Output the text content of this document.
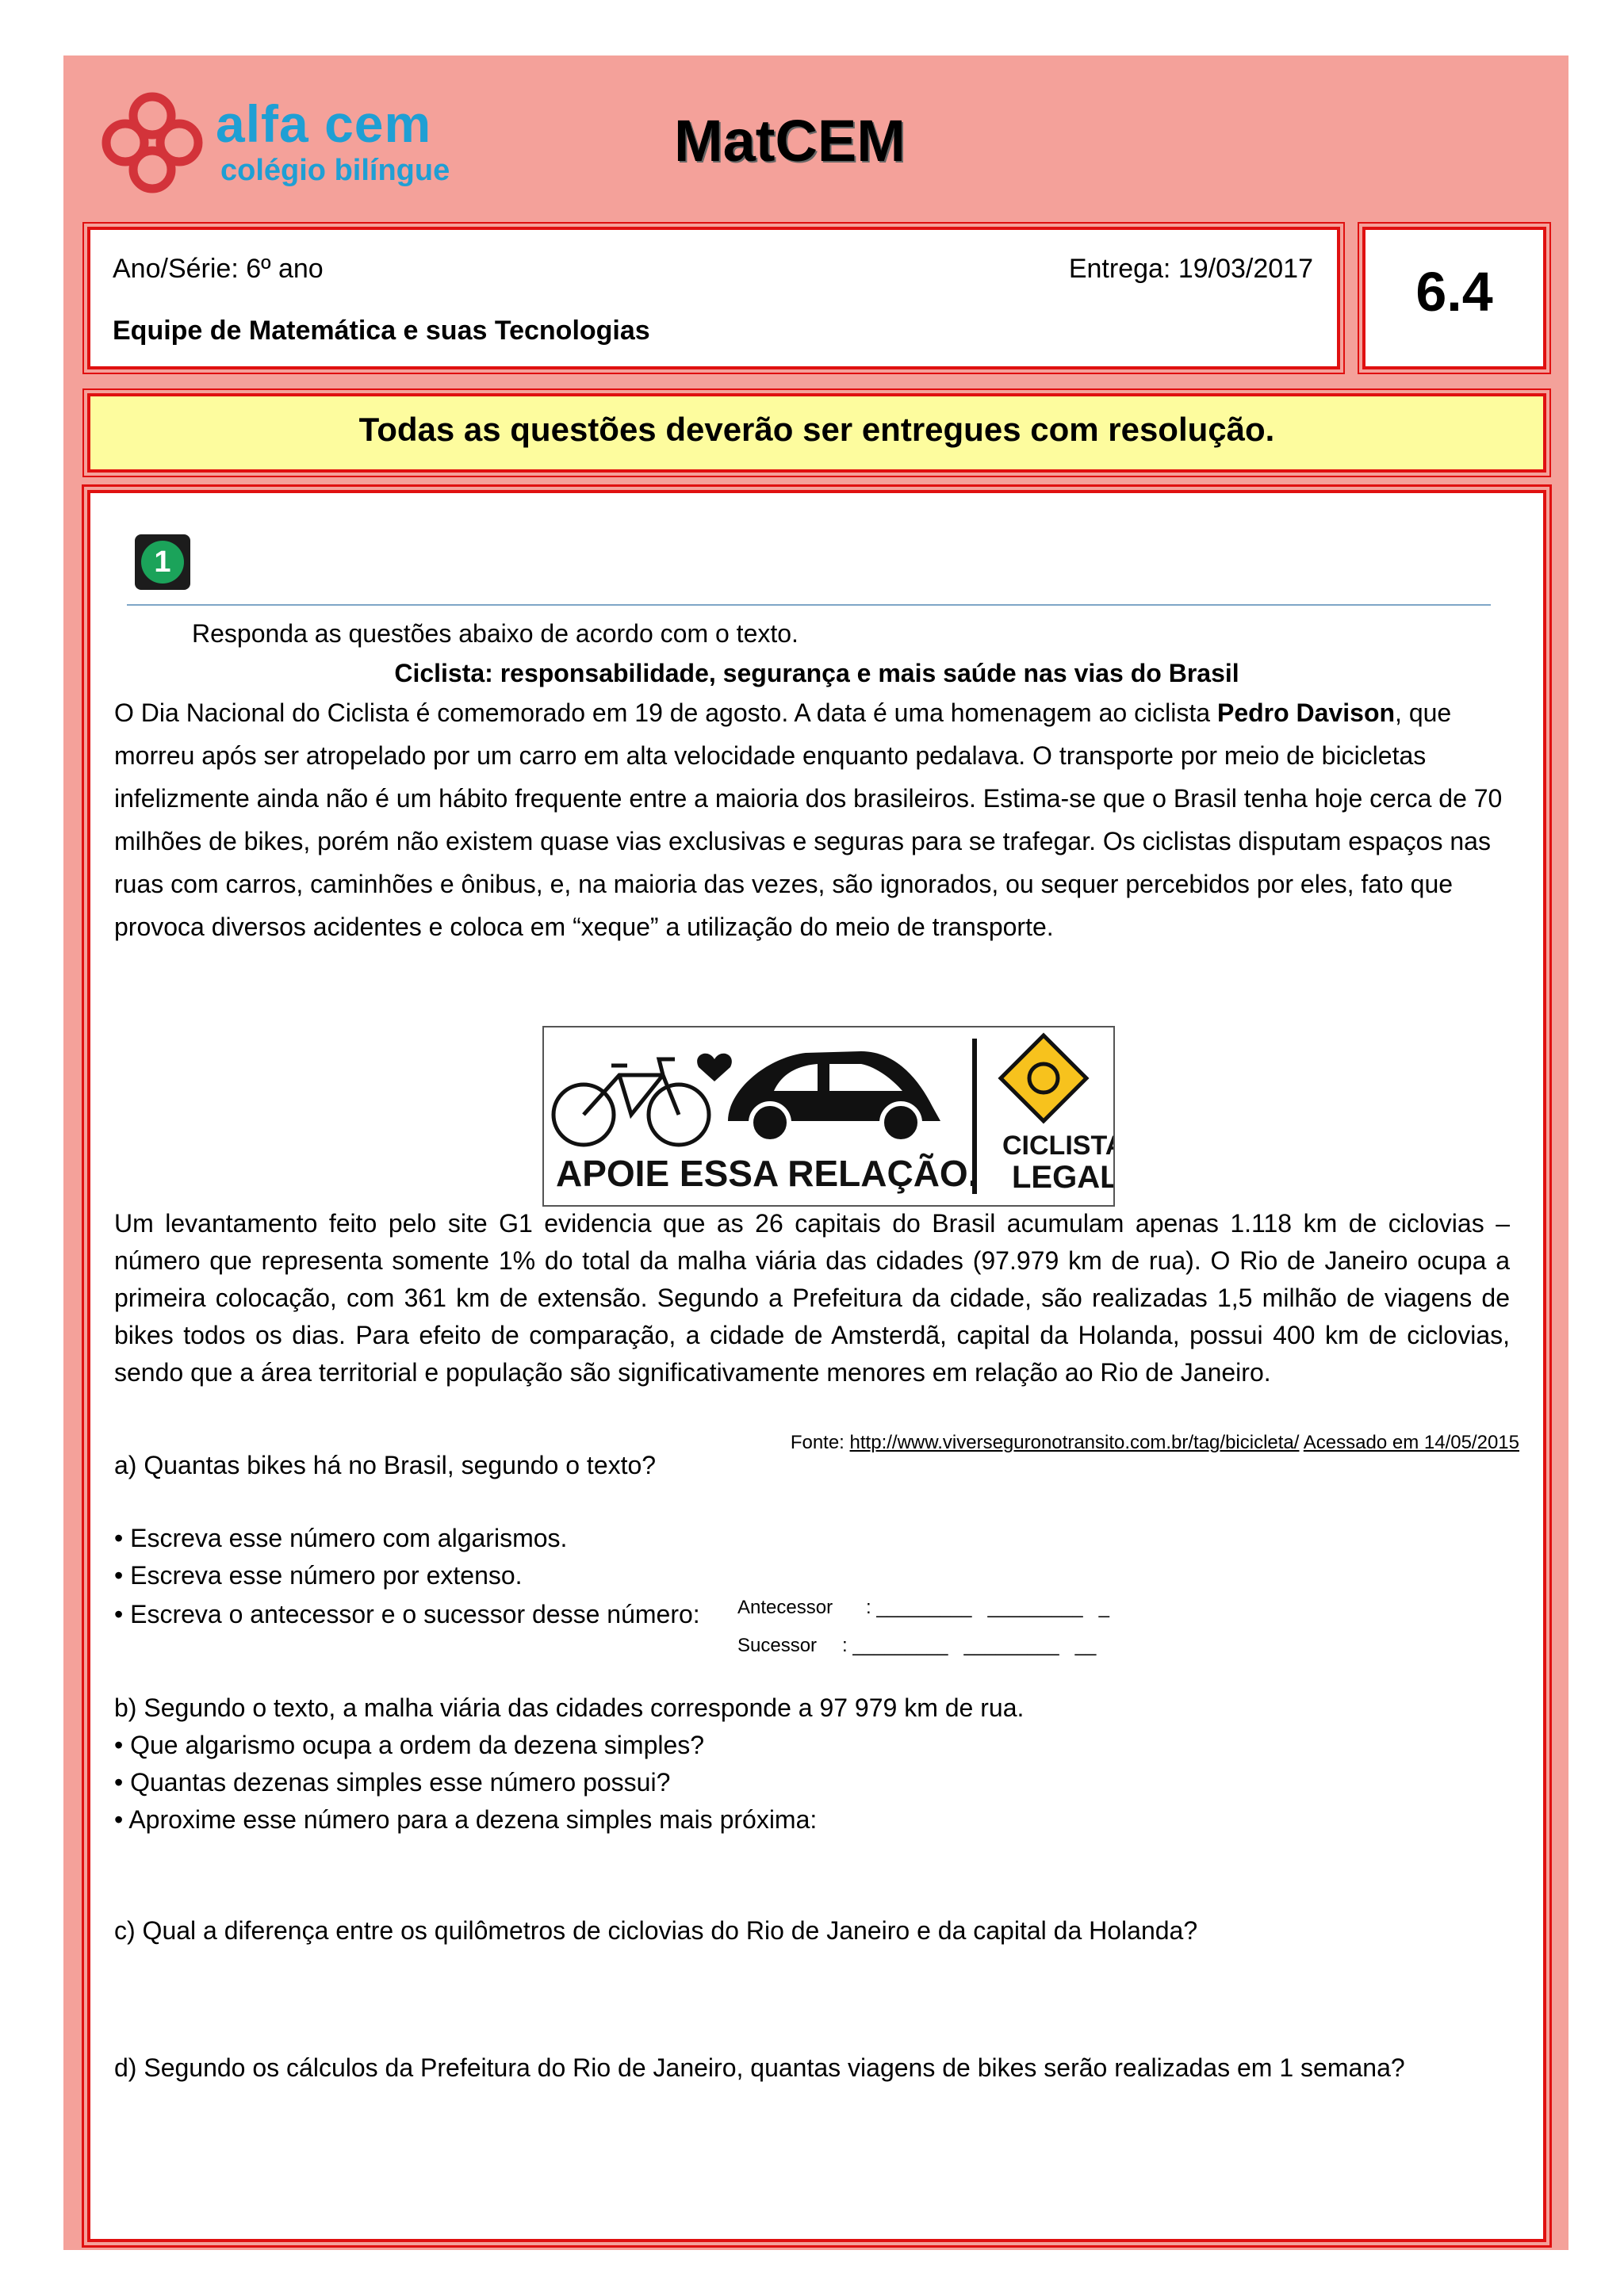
alfa cem
colégio bilíngue	MatCEM
Ano/Série: 6º ano	Entrega: 19/03/2017
Equipe de Matemática e suas Tecnologias
6.4
Todas as questões deverão ser entregues com resolução.
1
Responda as questões abaixo de acordo com o texto.
Ciclista: responsabilidade, segurança e mais saúde nas vias do Brasil
O Dia Nacional do Ciclista é comemorado em 19 de agosto. A data é uma homenagem ao ciclista Pedro Davison, que morreu após ser atropelado por um carro em alta velocidade enquanto pedalava. O transporte por meio de bicicletas infelizmente ainda não é um hábito frequente entre a maioria dos brasileiros. Estima-se que o Brasil tenha hoje cerca de 70 milhões de bikes, porém não existem quase vias exclusivas e seguras para se trafegar. Os ciclistas disputam espaços nas ruas com carros, caminhões e ônibus, e, na maioria das vezes, são ignorados, ou sequer percebidos por eles, fato que provoca diversos acidentes e coloca em “xeque” a utilização do meio de transporte.
APOIE ESSA RELAÇÃO.
CICLISTA
LEGAL
Um levantamento feito pelo site G1 evidencia que as 26 capitais do Brasil acumulam apenas 1.118 km de ciclovias – número que representa somente 1% do total da malha viária das cidades (97.979 km de rua). O Rio de Janeiro ocupa a primeira colocação, com 361 km de extensão. Segundo a Prefeitura da cidade, são realizadas 1,5 milhão de viagens de bikes todos os dias. Para efeito de comparação, a cidade de Amsterdã, capital da Holanda, possui 400 km de ciclovias, sendo que a área territorial e população são significativamente menores em relação ao Rio de Janeiro.
Fonte: http://www.viverseguronotransito.com.br/tag/bicicleta/ Acessado em 14/05/2015
a) Quantas bikes há no Brasil, segundo o texto?
• Escreva esse número com algarismos.
• Escreva esse número por extenso.
• Escreva o antecessor e o sucessor desse número: Antecessor : _________   _________   _
Sucessor : _________   _________   __
b) Segundo o texto, a malha viária das cidades corresponde a 97 979 km de rua.
• Que algarismo ocupa a ordem da dezena simples?
• Quantas dezenas simples esse número possui?
• Aproxime esse número para a dezena simples mais próxima:
c) Qual a diferença entre os quilômetros de ciclovias do Rio de Janeiro e da capital da Holanda?
d) Segundo os cálculos da Prefeitura do Rio de Janeiro, quantas viagens de bikes serão realizadas em 1 semana?
